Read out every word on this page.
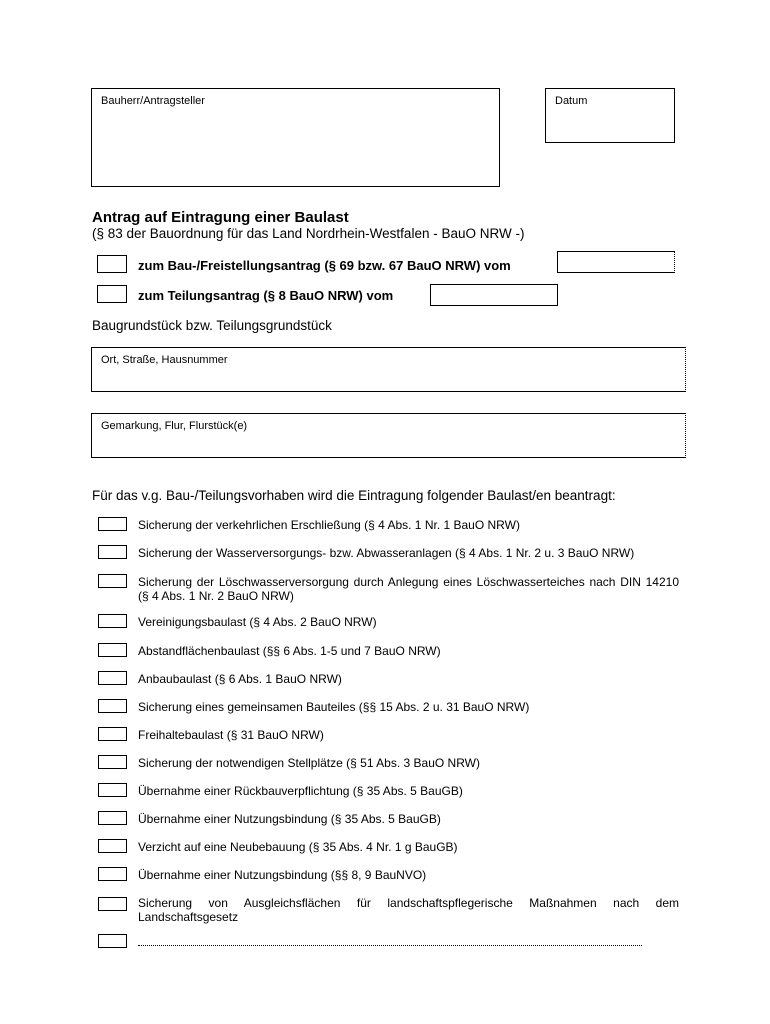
Bauherr/Antragsteller	Datum
Antrag auf Eintragung einer Baulast
(§ 83 der Bauordnung für das Land Nordrhein-Westfalen - BauO NRW -)
zum Bau-/Freistellungsantrag (§ 69 bzw. 67 BauO NRW) vom
zum Teilungsantrag (§ 8 BauO NRW) vom
Baugrundstück bzw. Teilungsgrundstück
Ort, Straße, Hausnummer
Gemarkung, Flur, Flurstück(e)
Für das v.g. Bau-/Teilungsvorhaben wird die Eintragung folgender Baulast/en beantragt:
Sicherung der verkehrlichen Erschließung (§ 4 Abs. 1 Nr. 1 BauO NRW)
Sicherung der Wasserversorgungs- bzw. Abwasseranlagen (§ 4 Abs. 1 Nr. 2 u. 3 BauO NRW)
Sicherung der Löschwasserversorgung durch Anlegung eines Löschwasserteiches nach DIN 14210 (§ 4 Abs. 1 Nr. 2 BauO NRW)
Vereinigungsbaulast (§ 4 Abs. 2 BauO NRW)
Abstandflächenbaulast (§§ 6 Abs. 1-5 und 7 BauO NRW)
Anbaubaulast (§ 6 Abs. 1 BauO NRW)
Sicherung eines gemeinsamen Bauteiles (§§ 15 Abs. 2 u. 31 BauO NRW)
Freihaltebaulast (§ 31 BauO NRW)
Sicherung der notwendigen Stellplätze (§ 51 Abs. 3 BauO NRW)
Übernahme einer Rückbauverpflichtung (§ 35 Abs. 5 BauGB)
Übernahme einer Nutzungsbindung (§ 35 Abs. 5 BauGB)
Verzicht auf eine Neubebauung (§ 35 Abs. 4 Nr. 1 g BauGB)
Übernahme einer Nutzungsbindung (§§ 8, 9 BauNVO)
Sicherung von Ausgleichsflächen für landschaftspflegerische Maßnahmen nach dem Landschaftsgesetz
